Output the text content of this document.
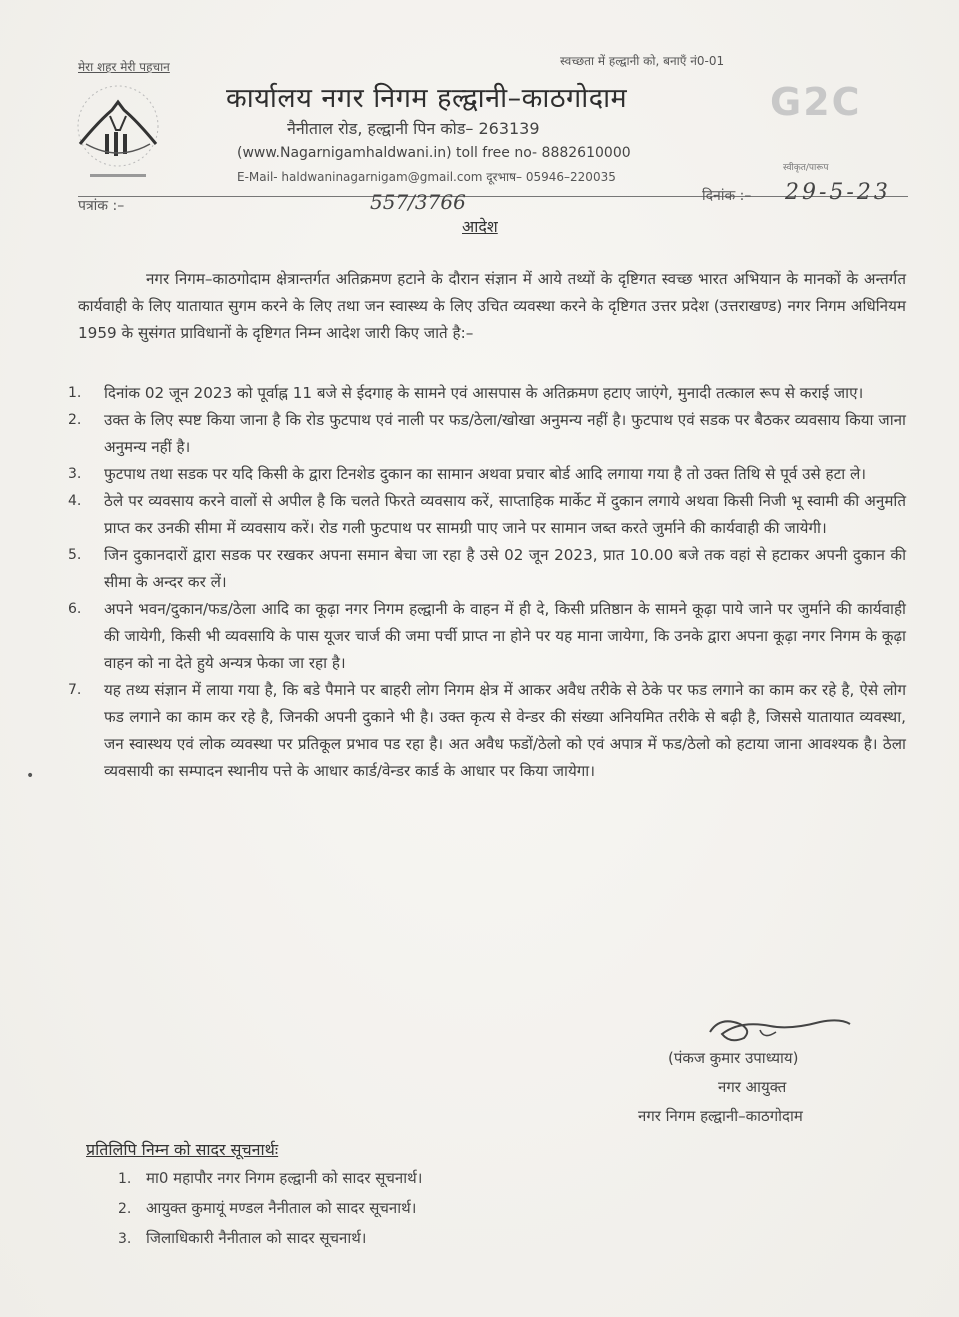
मेरा शहर मेरी पहचान	स्वच्छता में हल्द्वानी को, बनाएँ नं0-01
कार्यालय नगर निगम हल्द्वानी–काठगोदाम
नैनीताल रोड, हल्द्वानी पिन कोड– 263139
(www.Nagarnigamhaldwani.in) toll free no- 8882610000
E-Mail- haldwaninagarnigam@gmail.com दूरभाष– 05946–220035
G2C
स्वीकृत/पारूप
पत्रांक :–	557/3766	दिनांक :– 29-5-23
आदेश
नगर निगम–काठगोदाम क्षेत्रान्तर्गत अतिक्रमण हटाने के दौरान संज्ञान में आये तथ्यों के दृष्टिगत स्वच्छ भारत अभियान के मानकों के अन्तर्गत कार्यवाही के लिए यातायात सुगम करने के लिए तथा जन स्वास्थ्य के लिए उचित व्यवस्था करने के दृष्टिगत उत्तर प्रदेश (उत्तराखण्ड) नगर निगम अधिनियम 1959 के सुसंगत प्राविधानों के दृष्टिगत निम्न आदेश जारी किए जाते है:–
1. दिनांक 02 जून 2023 को पूर्वाह्न 11 बजे से ईदगाह के सामने एवं आसपास के अतिक्रमण हटाए जाएंगे, मुनादी तत्काल रूप से कराई जाए।
2. उक्त के लिए स्पष्ट किया जाना है कि रोड फुटपाथ एवं नाली पर फड/ठेला/खोखा अनुमन्य नहीं है। फुटपाथ एवं सडक पर बैठकर व्यवसाय किया जाना अनुमन्य नहीं है।
3. फुटपाथ तथा सडक पर यदि किसी के द्वारा टिनशेड दुकान का सामान अथवा प्रचार बोर्ड आदि लगाया गया है तो उक्त तिथि से पूर्व उसे हटा ले।
4. ठेले पर व्यवसाय करने वालों से अपील है कि चलते फिरते व्यवसाय करें, साप्ताहिक मार्केट में दुकान लगाये अथवा किसी निजी भू स्वामी की अनुमति प्राप्त कर उनकी सीमा में व्यवसाय करें। रोड गली फुटपाथ पर सामग्री पाए जाने पर सामान जब्त करते जुर्माने की कार्यवाही की जायेगी।
5. जिन दुकानदारों द्वारा सडक पर रखकर अपना समान बेचा जा रहा है उसे 02 जून 2023, प्रात 10.00 बजे तक वहां से हटाकर अपनी दुकान की सीमा के अन्दर कर लें।
6. अपने भवन/दुकान/फड/ठेला आदि का कूढ़ा नगर निगम हल्द्वानी के वाहन में ही दे, किसी प्रतिष्ठान के सामने कूढ़ा पाये जाने पर जुर्माने की कार्यवाही की जायेगी, किसी भी व्यवसायि के पास यूजर चार्ज की जमा पर्ची प्राप्त ना होने पर यह माना जायेगा, कि उनके द्वारा अपना कूढ़ा नगर निगम के कूढ़ा वाहन को ना देते हुये अन्यत्र फेका जा रहा है।
7. यह तथ्य संज्ञान में लाया गया है, कि बडे पैमाने पर बाहरी लोग निगम क्षेत्र में आकर अवैध तरीके से ठेके पर फड लगाने का काम कर रहे है, ऐसे लोग फड लगाने का काम कर रहे है, जिनकी अपनी दुकाने भी है। उक्त कृत्य से वेन्डर की संख्या अनियमित तरीके से बढ़ी है, जिससे यातायात व्यवस्था, जन स्वास्थय एवं लोक व्यवस्था पर प्रतिकूल प्रभाव पड रहा है। अत अवैध फडों/ठेलो को एवं अपात्र में फड/ठेलो को हटाया जाना आवश्यक है। ठेला व्यवसायी का सम्पादन स्थानीय पत्ते के आधार कार्ड/वेन्डर कार्ड के आधार पर किया जायेगा।
•
(पंकज कुमार उपाध्याय)
नगर आयुक्त
नगर निगम हल्द्वानी–काठगोदाम
प्रतिलिपि निम्न को सादर सूचनार्थः
1. मा0 महापौर नगर निगम हल्द्वानी को सादर सूचनार्थ।
2. आयुक्त कुमायूं मण्डल नैनीताल को सादर सूचनार्थ।
3. जिलाधिकारी नैनीताल को सादर सूचनार्थ।
